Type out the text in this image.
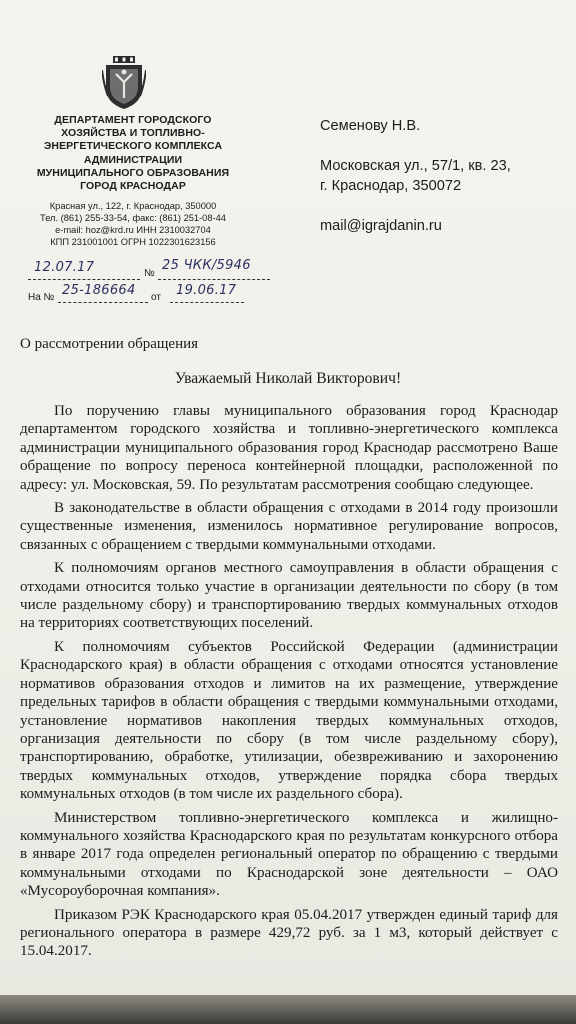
ДЕПАРТАМЕНТ ГОРОДСКОГО
ХОЗЯЙСТВА И ТОПЛИВНО-
ЭНЕРГЕТИЧЕСКОГО КОМПЛЕКСА
АДМИНИСТРАЦИИ
МУНИЦИПАЛЬНОГО ОБРАЗОВАНИЯ
ГОРОД КРАСНОДАР
Красная ул., 122, г. Краснодар, 350000
Тел. (861) 255-33-54, факс: (861) 251-08-44
e-mail: hoz@krd.ru ИНН 2310032704
КПП 231001001 ОГРН 1022301623156
12.07.17	№
25 ЧКК/5946
На № 25-186664 от 19.06.17
Семенову Н.В.
Московская ул., 57/1, кв. 23,
г. Краснодар, 350072
mail@igrajdanin.ru
О рассмотрении обращения
Уважаемый Николай Викторович!

По поручению главы муниципального образования город Краснодар департаментом городского хозяйства и топливно-энергетического комплекса администрации муниципального образования город Краснодар рассмотрено Ваше обращение по вопросу переноса контейнерной площадки, расположенной по адресу: ул. Московская, 59. По результатам рассмотрения сообщаю следующее.

В законодательстве в области обращения с отходами в 2014 году произошли существенные изменения, изменилось нормативное регулирование вопросов, связанных с обращением с твердыми коммунальными отходами.

К полномочиям органов местного самоуправления в области обращения с отходами относится только участие в организации деятельности по сбору (в том числе раздельному сбору) и транспортированию твердых коммунальных отходов на территориях соответствующих поселений.

К полномочиям субъектов Российской Федерации (администрации Краснодарского края) в области обращения с отходами относятся установление нормативов образования отходов и лимитов на их размещение, утверждение предельных тарифов в области обращения с твердыми коммунальными отходами, установление нормативов накопления твердых коммунальных отходов, организация деятельности по сбору (в том числе раздельному сбору), транспортированию, обработке, утилизации, обезвреживанию и захоронению твердых коммунальных отходов, утверждение порядка сбора твердых коммунальных отходов (в том числе их раздельного сбора).

Министерством топливно-энергетического комплекса и жилищно-коммунального хозяйства Краснодарского края по результатам конкурсного отбора в январе 2017 года определен региональный оператор по обращению с твердыми коммунальными отходами по Краснодарской зоне деятельности – ОАО «Мусороуборочная компания».

Приказом РЭК Краснодарского края 05.04.2017 утвержден единый тариф для регионального оператора в размере 429,72 руб. за 1 м3, который действует с 15.04.2017.
